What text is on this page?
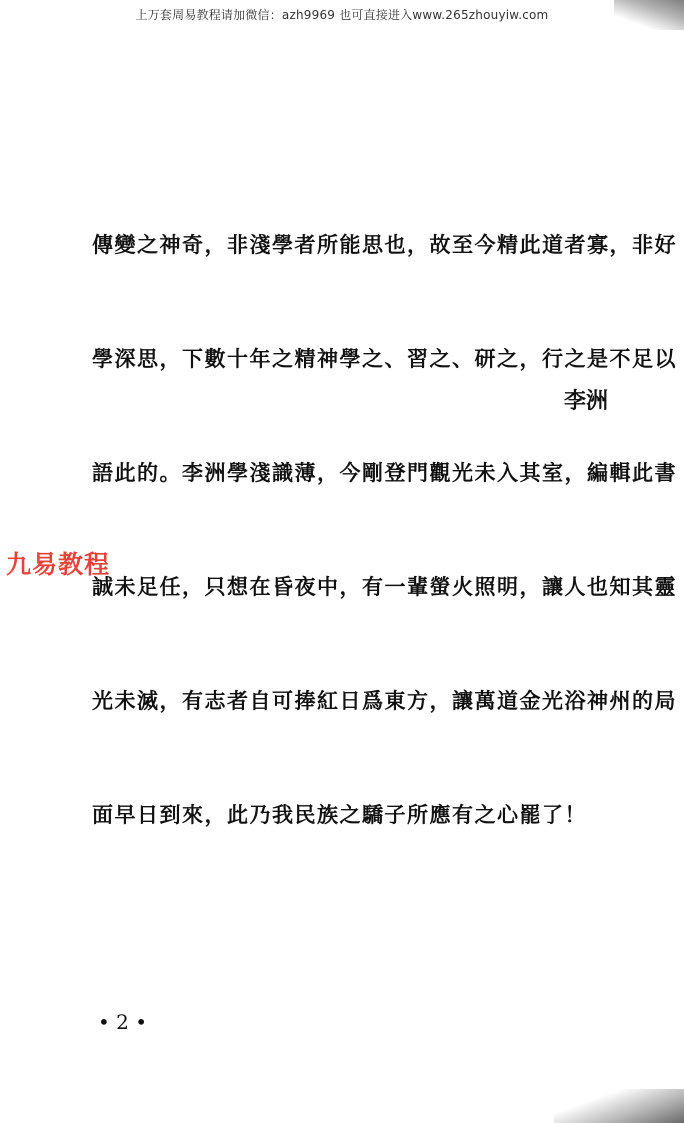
上万套周易教程请加微信：azh9969 也可直接进入www.265zhouyiw.com

傳變之神奇，非淺學者所能思也，故至今精此道者寡，非好

學深思，下數十年之精神學之、習之、研之，行之是不足以

語此的。李洲學淺識薄，今剛登門觀光未入其室，編輯此書

誠未足任，只想在昏夜中，有一輩螢火照明，讓人也知其靈

光未滅，有志者自可捧紅日爲東方，讓萬道金光浴神州的局

面早日到來，此乃我民族之驕子所應有之心罷了！

李洲
九易教程
• 2 •
